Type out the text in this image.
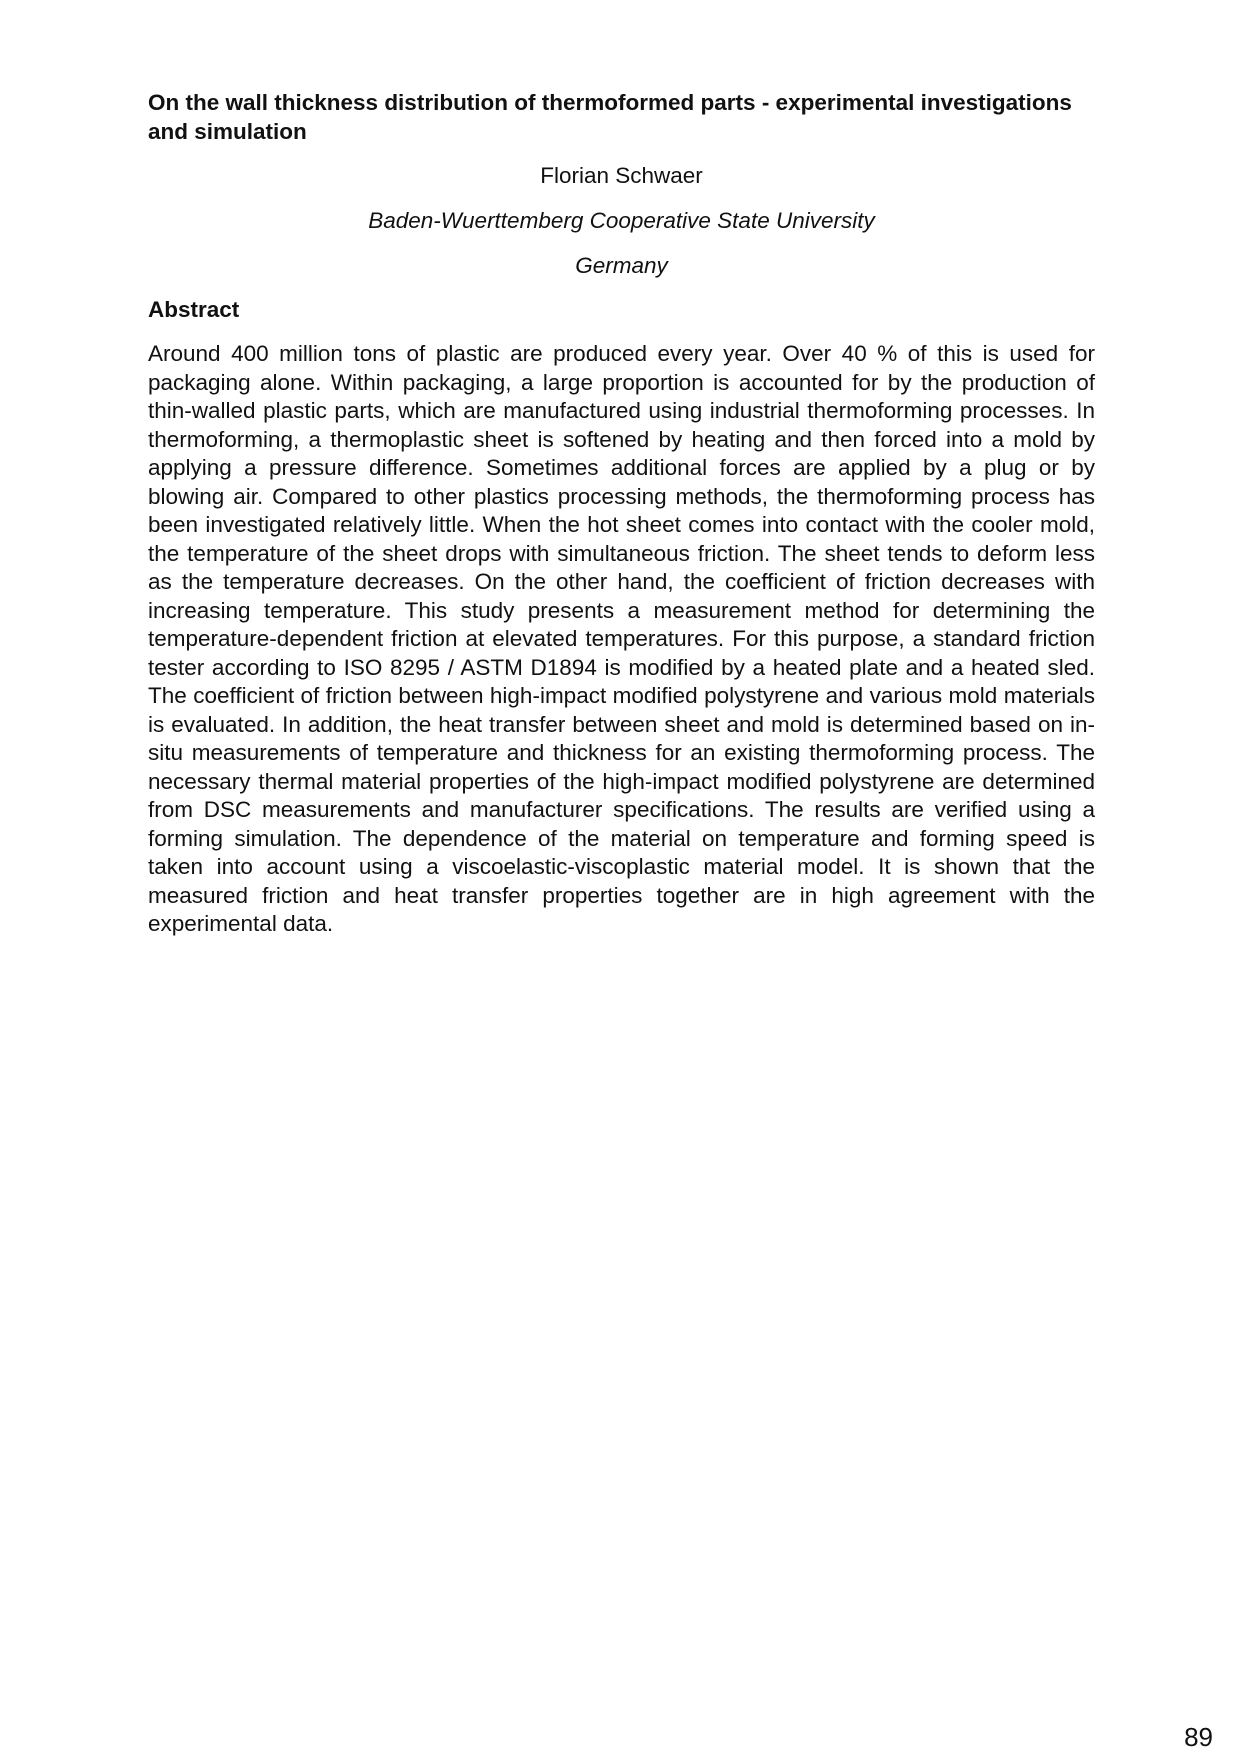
On the wall thickness distribution of thermoformed parts - experimental investigations and simulation
Florian Schwaer
Baden-Wuerttemberg Cooperative State University
Germany
Abstract

Around 400 million tons of plastic are produced every year. Over 40 % of this is used for packaging alone. Within packaging, a large proportion is accounted for by the production of thin-walled plastic parts, which are manufactured using industrial thermoforming processes. In thermoforming, a thermoplastic sheet is softened by heating and then forced into a mold by applying a pressure difference. Sometimes additional forces are applied by a plug or by blowing air. Compared to other plastics processing methods, the thermoforming process has been investigated relatively little. When the hot sheet comes into contact with the cooler mold, the temperature of the sheet drops with simultaneous friction. The sheet tends to deform less as the temperature decreases. On the other hand, the coefficient of friction decreases with increasing temperature. This study presents a measurement method for determining the temperature-dependent friction at elevated temperatures. For this purpose, a standard friction tester according to ISO 8295 / ASTM D1894 is modified by a heated plate and a heated sled. The coefficient of friction between high-impact modified polystyrene and various mold materials is evaluated. In addition, the heat transfer between sheet and mold is determined based on in-situ measurements of temperature and thickness for an existing thermoforming process. The necessary thermal material properties of the high-impact modified polystyrene are determined from DSC measurements and manufacturer specifications. The results are verified using a forming simulation. The dependence of the material on temperature and forming speed is taken into account using a viscoelastic-viscoplastic material model. It is shown that the measured friction and heat transfer properties together are in high agreement with the experimental data.

89
